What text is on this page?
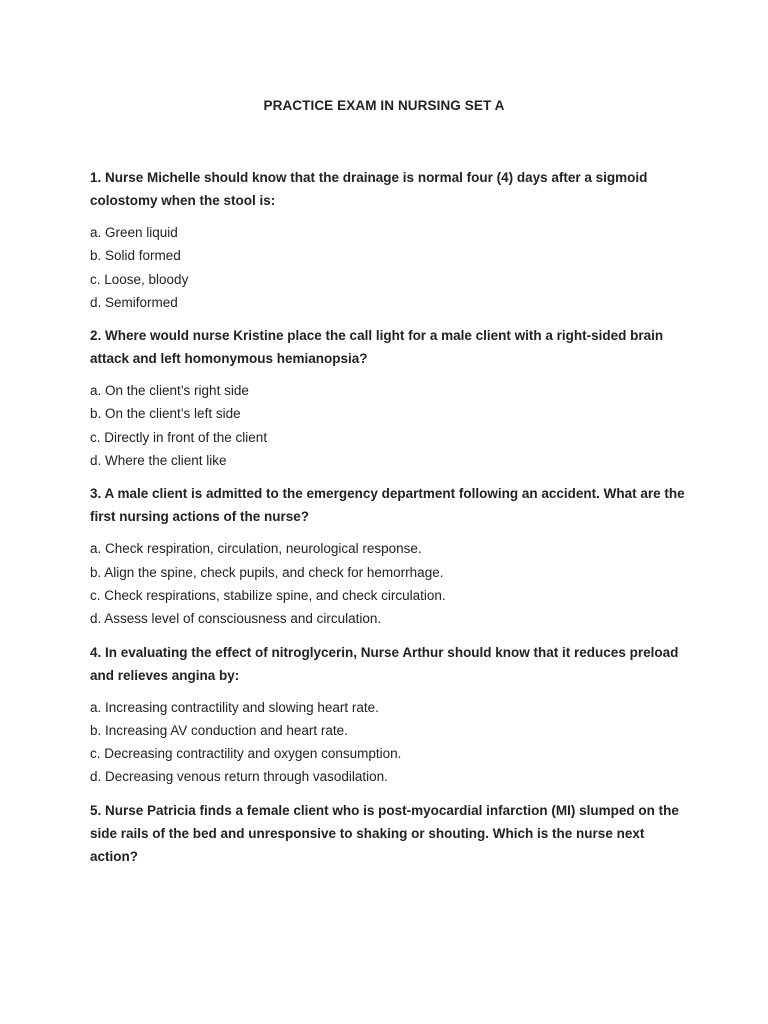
PRACTICE EXAM IN NURSING SET A

1. Nurse Michelle should know that the drainage is normal four (4) days after a sigmoid colostomy when the stool is:

a. Green liquid
b. Solid formed
c. Loose, bloody
d. Semiformed

2. Where would nurse Kristine place the call light for a male client with a right-sided brain attack and left homonymous hemianopsia?

a. On the client’s right side
b. On the client’s left side
c. Directly in front of the client
d. Where the client like

3. A male client is admitted to the emergency department following an accident. What are the first nursing actions of the nurse?

a. Check respiration, circulation, neurological response.
b. Align the spine, check pupils, and check for hemorrhage.
c. Check respirations, stabilize spine, and check circulation.
d. Assess level of consciousness and circulation.

4. In evaluating the effect of nitroglycerin, Nurse Arthur should know that it reduces preload and relieves angina by:

a. Increasing contractility and slowing heart rate.
b. Increasing AV conduction and heart rate.
c. Decreasing contractility and oxygen consumption.
d. Decreasing venous return through vasodilation.

5. Nurse Patricia finds a female client who is post-myocardial infarction (MI) slumped on the side rails of the bed and unresponsive to shaking or shouting. Which is the nurse next action?
